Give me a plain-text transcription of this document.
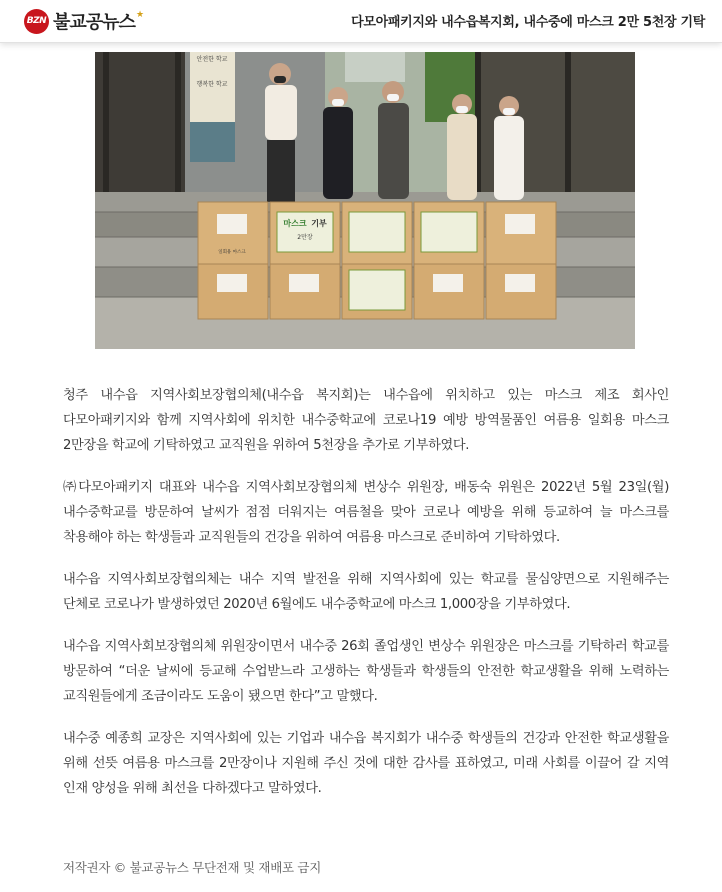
BZN 불교공뉴스 ★	다모아패키지와 내수읍복지회, 내수중에 마스크 2만 5천장 기탁
안전한 학교
행복한 학교
마스크 기부
2만장
일회용 마스크

청주 내수읍 지역사회보장협의체(내수읍 복지회)는 내수읍에 위치하고 있는 마스크 제조 회사인 다모아패키지와 함께 지역사회에 위치한 내수중학교에 코로나19 예방 방역물품인 여름용 일회용 마스크 2만장을 학교에 기탁하였고 교직원을 위하여 5천장을 추가로 기부하였다.

㈜다모아패키지 대표와 내수읍 지역사회보장협의체 변상수 위원장, 배동숙 위원은 2022년 5월 23일(월) 내수중학교를 방문하여 날씨가 점점 더워지는 여름철을 맞아 코로나 예방을 위해 등교하여 늘 마스크를 착용해야 하는 학생들과 교직원들의 건강을 위하여 여름용 마스크로 준비하여 기탁하였다.

내수읍 지역사회보장협의체는 내수 지역 발전을 위해 지역사회에 있는 학교를 물심양면으로 지원해주는 단체로 코로나가 발생하였던 2020년 6월에도 내수중학교에 마스크 1,000장을 기부하였다.

내수읍 지역사회보장협의체 위원장이면서 내수중 26회 졸업생인 변상수 위원장은 마스크를 기탁하러 학교를 방문하여 “더운 날씨에 등교해 수업받느라 고생하는 학생들과 학생들의 안전한 학교생활을 위해 노력하는 교직원들에게 조금이라도 도움이 됐으면 한다”고 말했다.

내수중 예종희 교장은 지역사회에 있는 기업과 내수읍 복지회가 내수중 학생들의 건강과 안전한 학교생활을 위해 선뜻 여름용 마스크를 2만장이나 지원해 주신 것에 대한 감사를 표하였고, 미래 사회를 이끌어 갈 지역 인재 양성을 위해 최선을 다하겠다고 말하였다.

저작권자 © 불교공뉴스 무단전재 및 재배포 금지
